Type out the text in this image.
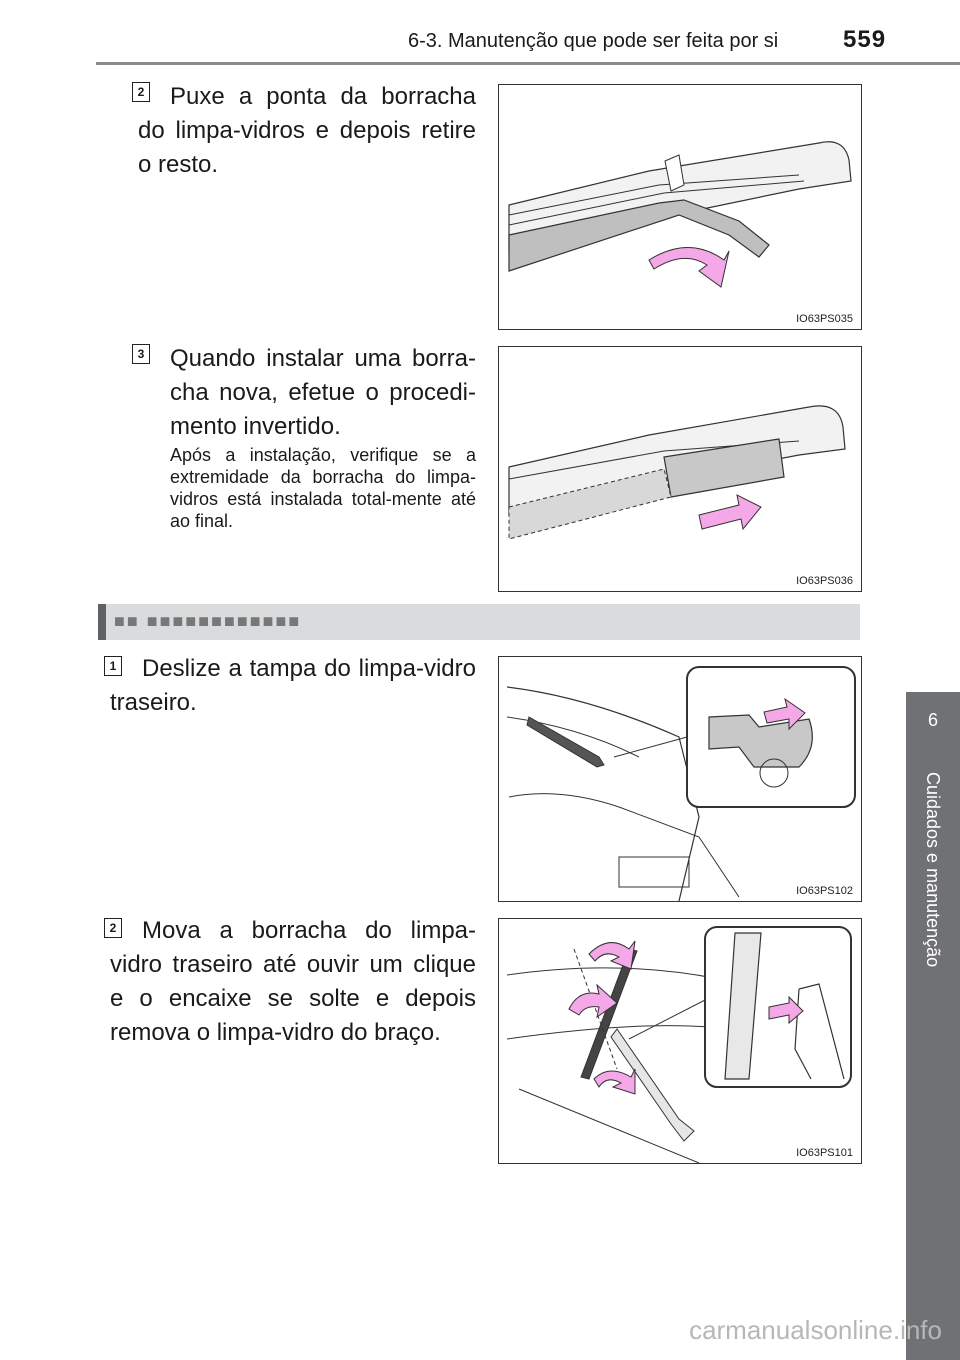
6-3. Manutenção que pode ser feita por si	559
6
Cuidados e manutenção
2	Puxe a ponta da borracha do limpa-vidros e depois retire o resto.
IO63PS035
3 Quando instalar uma borra-cha nova, efetue o procedi-mento invertido.
Após a instalação, verifique se a extremidade da borracha do limpa-vidros está instalada total-mente até ao final.
IO63PS036
■■ ■■■■■■■■■■■■
1	Deslize a tampa do limpa-vidro traseiro.
IO63PS102
2	Mova a borracha do limpa-vidro traseiro até ouvir um clique e o encaixe se solte e depois remova o limpa-vidro do braço.
IO63PS101
carmanualsonline.info
